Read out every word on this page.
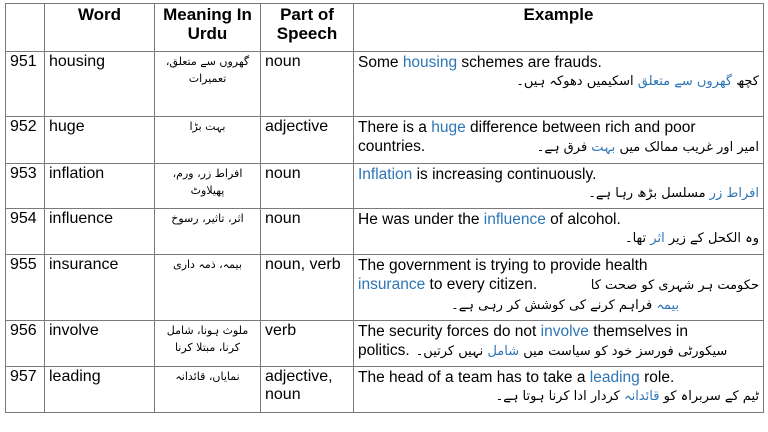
	Word	Meaning In Urdu	Part of Speech	Example
951	housing	گھروں سے متعلق، تعمیرات	noun	Some housing schemes are frauds.
کچھ گھروں سے متعلق اسکیمیں دھوکہ ہیں۔

952	huge	بہت بڑا	adjective	There is a huge difference between rich and poor
countries. امیر اور غریب ممالک میں بہت فرق ہے۔

953	inflation	افراط زر، ورم، پھیلاوٹ	noun	Inflation is increasing continuously.
افراط زر مسلسل بڑھ رہا ہے۔

954	influence	اثر، تاثیر، رسوخ	noun	He was under the influence of alcohol.
وہ الکحل کے زیر اثر تھا۔

955	insurance	بیمہ، ذمہ داری	noun, verb	The government is trying to provide health
insurance to every citizen. حکومت ہر شہری کو صحت کا
بیمہ فراہم کرنے کی کوشش کر رہی ہے۔

956	involve	ملوث ہونا، شامل کرنا، مبتلا کرنا	verb	The security forces do not involve themselves in
politics. سیکورٹی فورسز خود کو سیاست میں شامل نہیں کرتیں۔

957	leading	نمایاں، قائدانہ	adjective, noun	The head of a team has to take a leading role.
ٹیم کے سربراہ کو قائدانہ کردار ادا کرنا ہوتا ہے۔
